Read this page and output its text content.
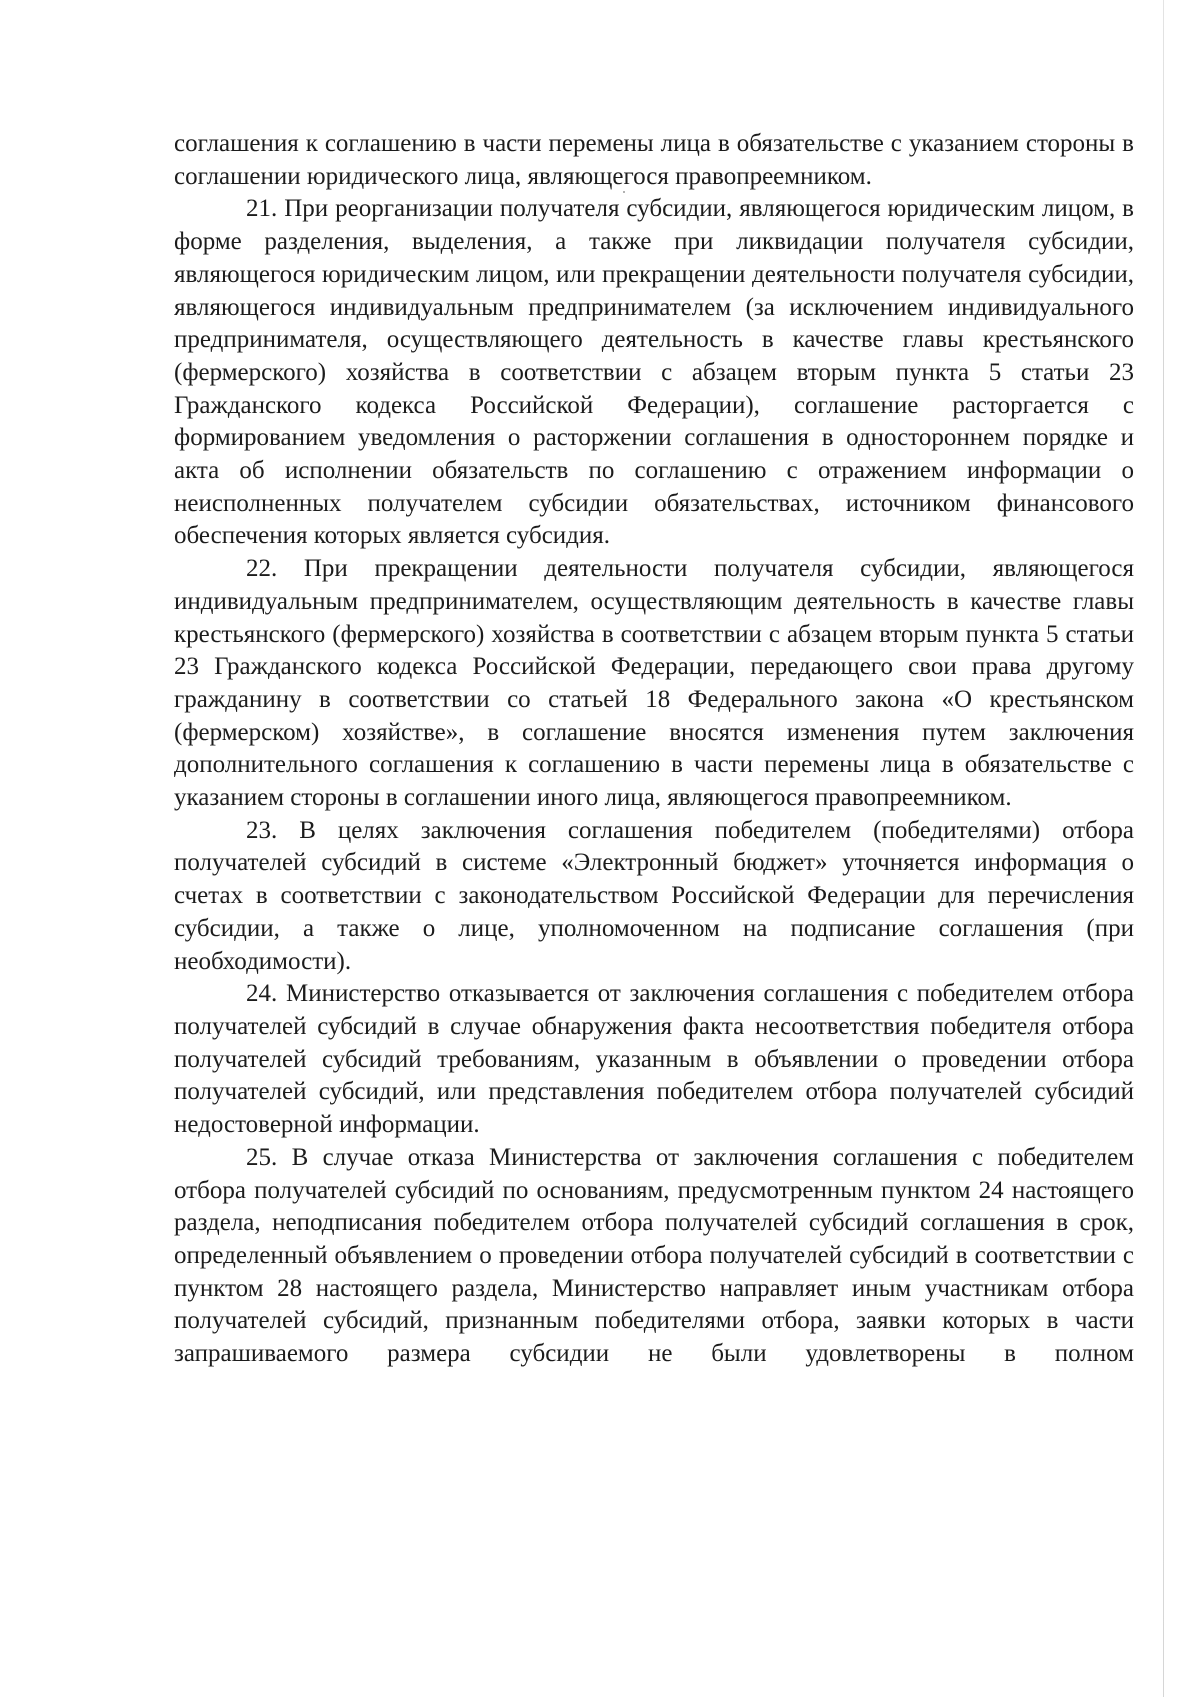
соглашения к соглашению в части перемены лица в обязательстве с указанием стороны в соглашении юридического лица, являющегося правопреемником.

21. При реорганизации получателя субсидии, являющегося юридическим лицом, в форме разделения, выделения, а также при ликвидации получателя субсидии, являющегося юридическим лицом, или прекращении деятельности получателя субсидии, являющегося индивидуальным предпринимателем (за исключением индивидуального предпринимателя, осуществляющего деятельность в качестве главы крестьянского (фермерского) хозяйства в соответствии с абзацем вторым пункта 5 статьи 23 Гражданского кодекса Российской Федерации), соглашение расторгается с формированием уведомления о расторжении соглашения в одностороннем порядке и акта об исполнении обязательств по соглашению с отражением информации о неисполненных получателем субсидии обязательствах, источником финансового обеспечения которых является субсидия.

22. При прекращении деятельности получателя субсидии, являющегося индивидуальным предпринимателем, осуществляющим деятельность в качестве главы крестьянского (фермерского) хозяйства в соответствии с абзацем вторым пункта 5 статьи 23 Гражданского кодекса Российской Федерации, передающего свои права другому гражданину в соответствии со статьей 18 Федерального закона «О крестьянском (фермерском) хозяйстве», в соглашение вносятся изменения путем заключения дополнительного соглашения к соглашению в части перемены лица в обязательстве с указанием стороны в соглашении иного лица, являющегося правопреемником.

23. В целях заключения соглашения победителем (победителями) отбора получателей субсидий в системе «Электронный бюджет» уточняется информация о счетах в соответствии с законодательством Российской Федерации для перечисления субсидии, а также о лице, уполномоченном на подписание соглашения (при необходимости).

24. Министерство отказывается от заключения соглашения с победителем отбора получателей субсидий в случае обнаружения факта несоответствия победителя отбора получателей субсидий требованиям, указанным в объявлении о проведении отбора получателей субсидий, или представления победителем отбора получателей субсидий недостоверной информации.

25. В случае отказа Министерства от заключения соглашения с победителем отбора получателей субсидий по основаниям, предусмотренным пунктом 24 настоящего раздела, неподписания победителем отбора получателей субсидий соглашения в срок, определенный объявлением о проведении отбора получателей субсидий в соответствии с пунктом 28 настоящего раздела, Министерство направляет иным участникам отбора получателей субсидий, признанным победителями отбора, заявки которых в части запрашиваемого размера субсидии не были удовлетворены в полном
